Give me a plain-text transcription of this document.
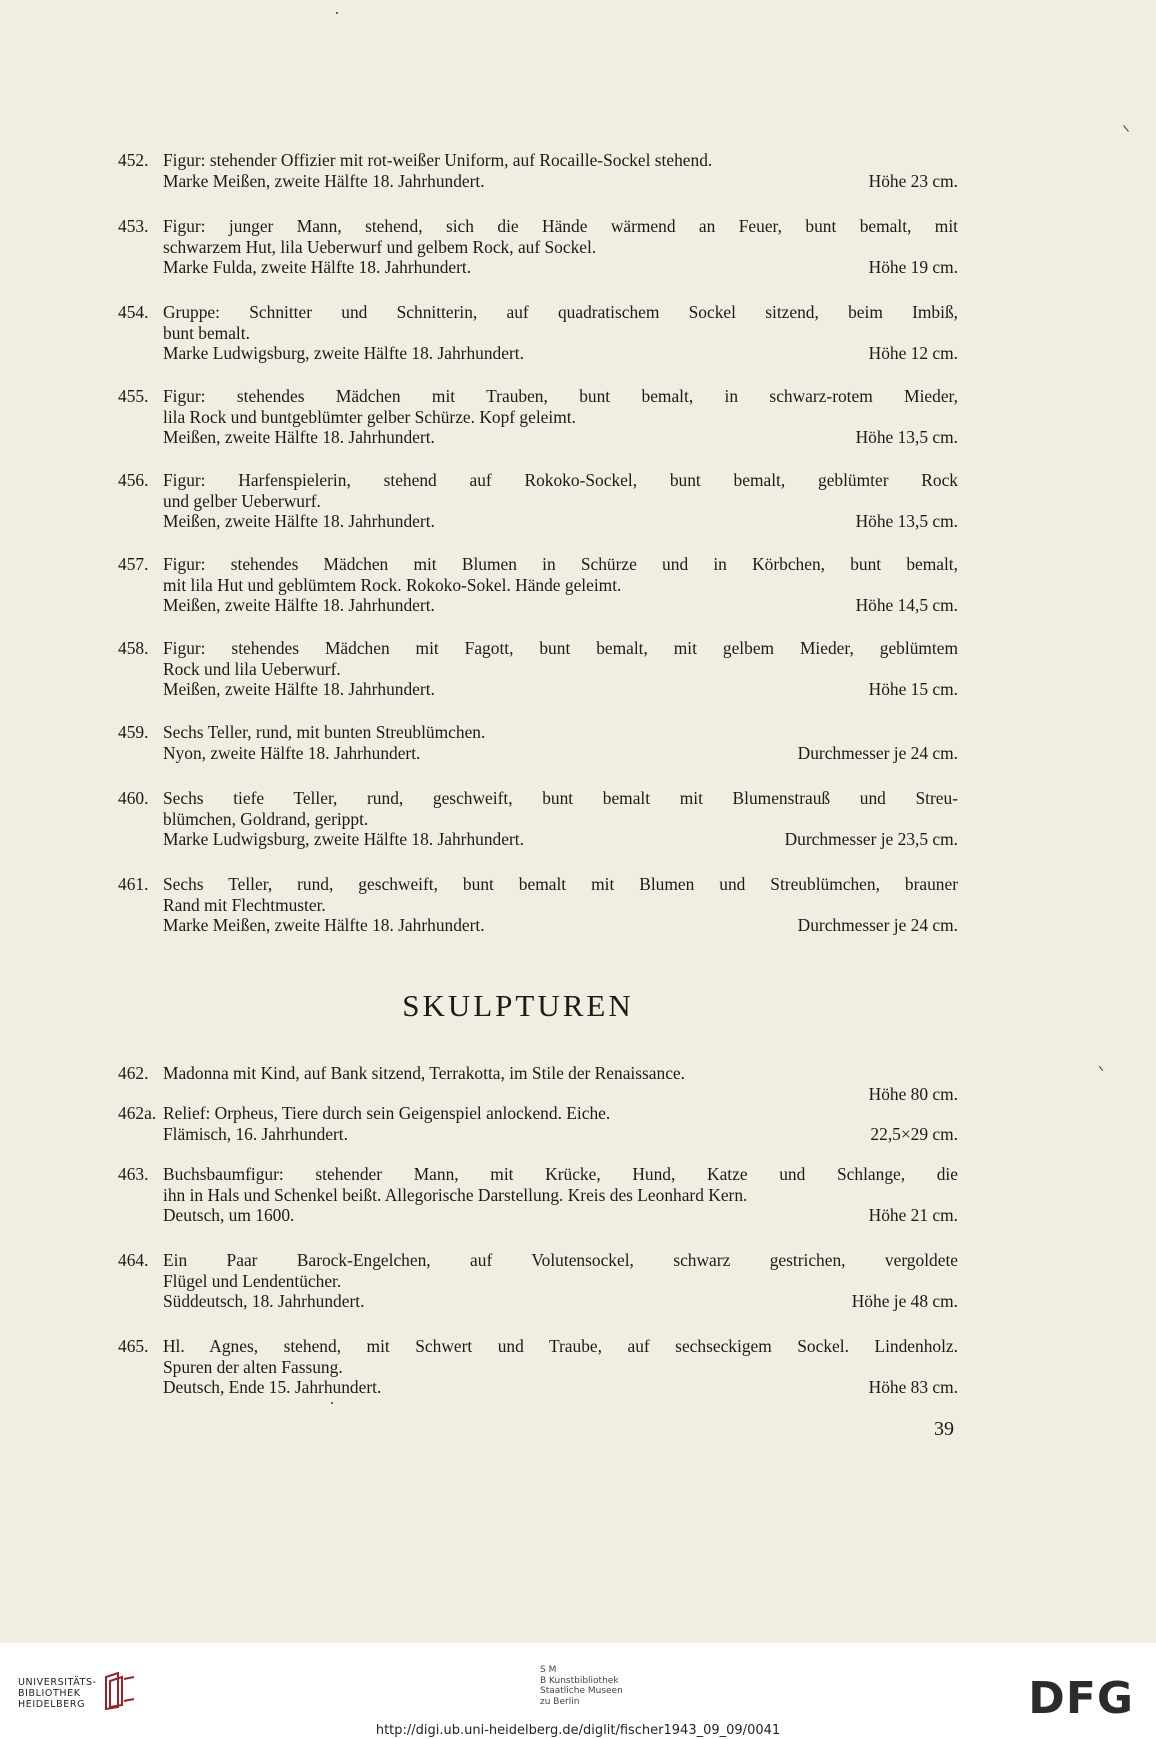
452. Figur: stehender Offizier mit rot-weißer Uniform, auf Rocaille-Sockel stehend.
Marke Meißen, zweite Hälfte 18. Jahrhundert.	Höhe 23 cm.
453. Figur: junger Mann, stehend, sich die Hände wärmend an Feuer, bunt bemalt, mit
schwarzem Hut, lila Ueberwurf und gelbem Rock, auf Sockel.
Marke Fulda, zweite Hälfte 18. Jahrhundert.	Höhe 19 cm.
454. Gruppe: Schnitter und Schnitterin, auf quadratischem Sockel sitzend, beim Imbiß,
bunt bemalt.
Marke Ludwigsburg, zweite Hälfte 18. Jahrhundert.	Höhe 12 cm.
455. Figur: stehendes Mädchen mit Trauben, bunt bemalt, in schwarz-rotem Mieder,
lila Rock und buntgeblümter gelber Schürze. Kopf geleimt.
Meißen, zweite Hälfte 18. Jahrhundert.	Höhe 13,5 cm.
456. Figur: Harfenspielerin, stehend auf Rokoko-Sockel, bunt bemalt, geblümter Rock
und gelber Ueberwurf.
Meißen, zweite Hälfte 18. Jahrhundert.	Höhe 13,5 cm.
457. Figur: stehendes Mädchen mit Blumen in Schürze und in Körbchen, bunt bemalt,
mit lila Hut und geblümtem Rock. Rokoko-Sokel. Hände geleimt.
Meißen, zweite Hälfte 18. Jahrhundert.	Höhe 14,5 cm.
458. Figur: stehendes Mädchen mit Fagott, bunt bemalt, mit gelbem Mieder, geblümtem
Rock und lila Ueberwurf.
Meißen, zweite Hälfte 18. Jahrhundert.	Höhe 15 cm.
459. Sechs Teller, rund, mit bunten Streublümchen.
Nyon, zweite Hälfte 18. Jahrhundert.	Durchmesser je 24 cm.
460. Sechs tiefe Teller, rund, geschweift, bunt bemalt mit Blumenstrauß und Streu-
blümchen, Goldrand, gerippt.
Marke Ludwigsburg, zweite Hälfte 18. Jahrhundert.	Durchmesser je 23,5 cm.
461. Sechs Teller, rund, geschweift, bunt bemalt mit Blumen und Streublümchen, brauner
Rand mit Flechtmuster.
Marke Meißen, zweite Hälfte 18. Jahrhundert.	Durchmesser je 24 cm.
SKULPTUREN
462. Madonna mit Kind, auf Bank sitzend, Terrakotta, im Stile der Renaissance.
Höhe 80 cm.
462a. Relief: Orpheus, Tiere durch sein Geigenspiel anlockend. Eiche.
Flämisch, 16. Jahrhundert.	22,5×29 cm.
463. Buchsbaumfigur: stehender Mann, mit Krücke, Hund, Katze und Schlange, die
ihn in Hals und Schenkel beißt. Allegorische Darstellung. Kreis des Leonhard Kern.
Deutsch, um 1600.	Höhe 21 cm.
464. Ein Paar Barock-Engelchen, auf Volutensockel, schwarz gestrichen, vergoldete
Flügel und Lendentücher.
Süddeutsch, 18. Jahrhundert.	Höhe je 48 cm.
465. Hl. Agnes, stehend, mit Schwert und Traube, auf sechseckigem Sockel. Lindenholz.
Spuren der alten Fassung.
Deutsch, Ende 15. Jahrhundert.	Höhe 83 cm.
39
UNIVERSITÄTS-
BIBLIOTHEK
HEIDELBERG
S M
B Kunstbibliothek
Staatliche Museen
zu Berlin	DFG
http://digi.ub.uni-heidelberg.de/diglit/fischer1943_09_09/0041
